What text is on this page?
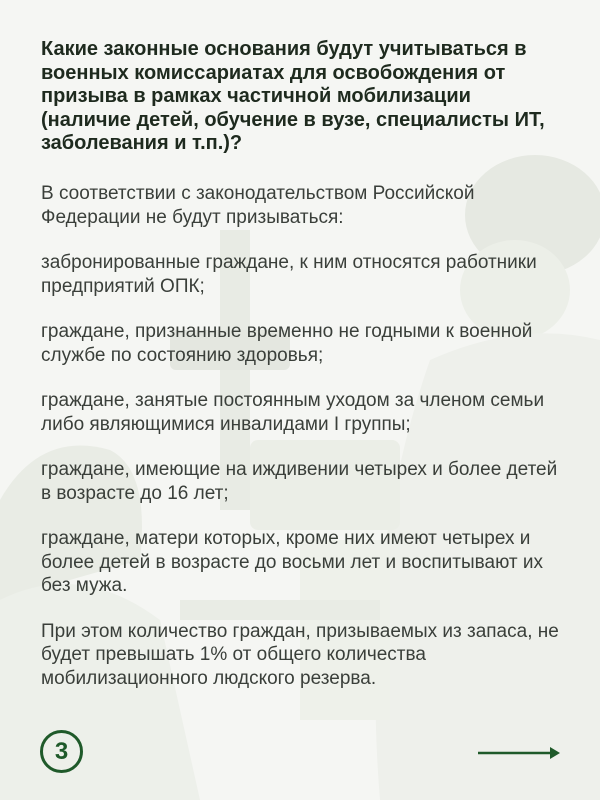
Какие законные основания будут учитываться в военных комиссариатах для освобождения от призыва в рамках частичной мобилизации (наличие детей, обучение в вузе, специалисты ИТ, заболевания и т.п.)?

В соответствии с законодательством Российской Федерации не будут призываться:

забронированные граждане, к ним относятся работники предприятий ОПК;

граждане, признанные временно не годными к военной службе по состоянию здоровья;

граждане, занятые постоянным уходом за членом семьи либо являющимися инвалидами I группы;

граждане, имеющие на иждивении четырех и более детей в возрасте до 16 лет;

граждане, матери которых, кроме них имеют четырех и более детей в возрасте до восьми лет и воспитывают их без мужа.

При этом количество граждан, призываемых из запаса, не будет превышать 1% от общего количества мобилизационного людского резерва.

3
